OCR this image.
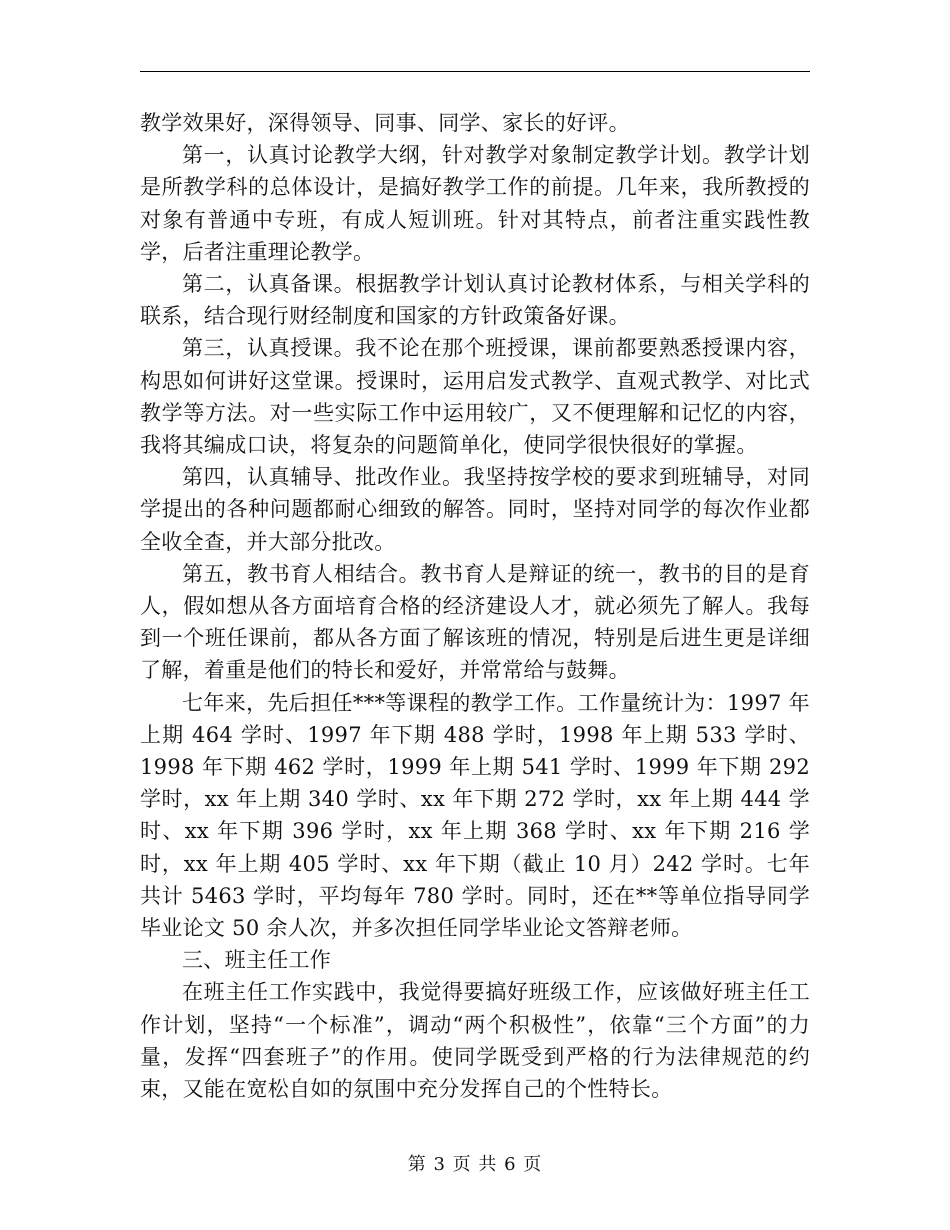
教学效果好，深得领导、同事、同学、家长的好评。

第一，认真讨论教学大纲，针对教学对象制定教学计划。教学计划是所教学科的总体设计，是搞好教学工作的前提。几年来，我所教授的对象有普通中专班，有成人短训班。针对其特点，前者注重实践性教学，后者注重理论教学。

第二，认真备课。根据教学计划认真讨论教材体系，与相关学科的联系，结合现行财经制度和国家的方针政策备好课。

第三，认真授课。我不论在那个班授课，课前都要熟悉授课内容，构思如何讲好这堂课。授课时，运用启发式教学、直观式教学、对比式教学等方法。对一些实际工作中运用较广，又不便理解和记忆的内容，我将其编成口诀，将复杂的问题简单化，使同学很快很好的掌握。

第四，认真辅导、批改作业。我坚持按学校的要求到班辅导，对同学提出的各种问题都耐心细致的解答。同时，坚持对同学的每次作业都全收全查，并大部分批改。

第五，教书育人相结合。教书育人是辩证的统一，教书的目的是育人，假如想从各方面培育合格的经济建设人才，就必须先了解人。我每到一个班任课前，都从各方面了解该班的情况，特别是后进生更是详细了解，着重是他们的特长和爱好，并常常给与鼓舞。

七年来，先后担任***等课程的教学工作。工作量统计为：1997 年上期 464 学时、1997 年下期 488 学时，1998 年上期 533 学时、1998 年下期 462 学时，1999 年上期 541 学时、1999 年下期 292 学时，xx 年上期 340 学时、xx 年下期 272 学时，xx 年上期 444 学时、xx 年下期 396 学时，xx 年上期 368 学时、xx 年下期 216 学时，xx 年上期 405 学时、xx 年下期（截止 10 月）242 学时。七年共计 5463 学时，平均每年 780 学时。同时，还在**等单位指导同学毕业论文 50 余人次，并多次担任同学毕业论文答辩老师。

三、班主任工作

在班主任工作实践中，我觉得要搞好班级工作，应该做好班主任工作计划，坚持“一个标准”，调动“两个积极性”，依靠“三个方面”的力量，发挥“四套班子”的作用。使同学既受到严格的行为法律规范的约束，又能在宽松自如的氛围中充分发挥自己的个性特长。

第 3 页 共 6 页
